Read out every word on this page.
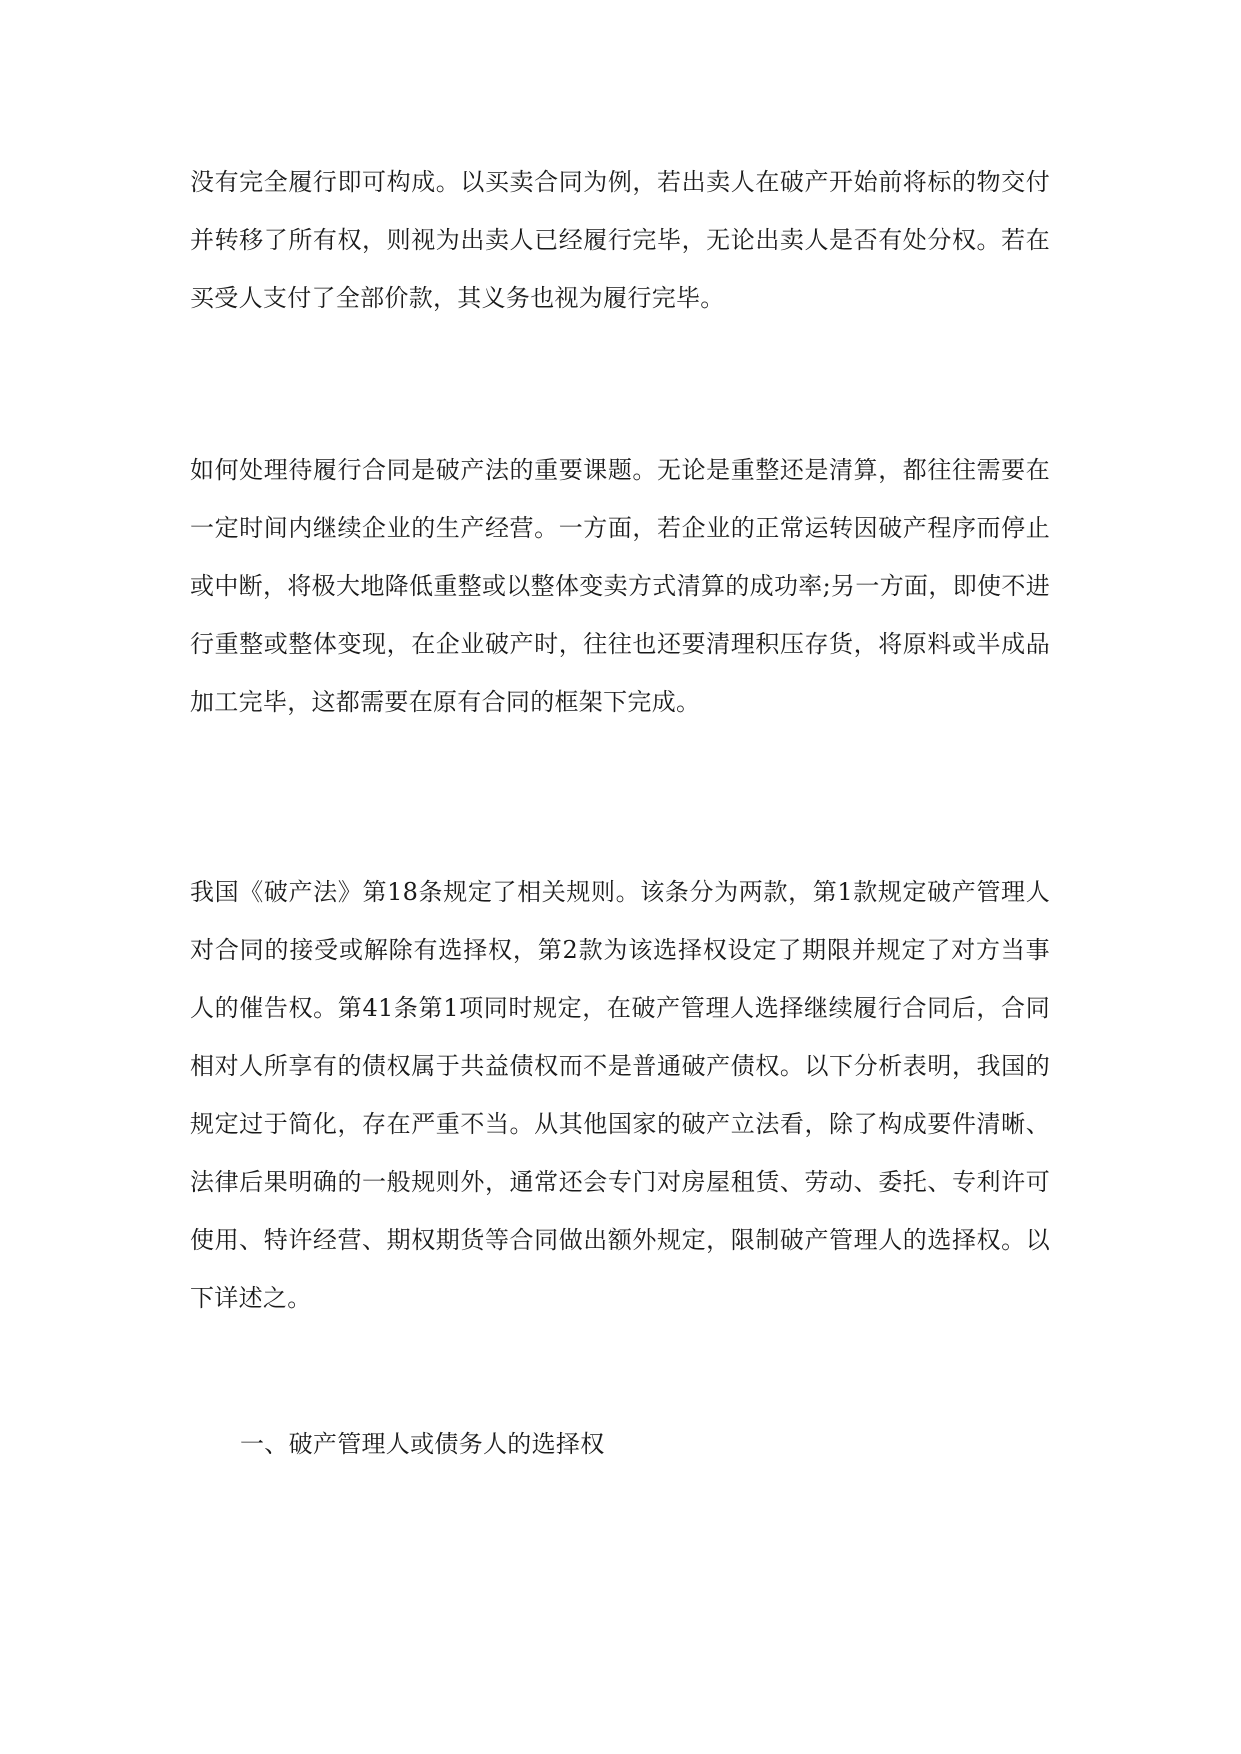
没有完全履行即可构成。以买卖合同为例，若出卖人在破产开始前将标的物交付并转移了所有权，则视为出卖人已经履行完毕，无论出卖人是否有处分权。若在买受人支付了全部价款，其义务也视为履行完毕。

如何处理待履行合同是破产法的重要课题。无论是重整还是清算，都往往需要在一定时间内继续企业的生产经营。一方面，若企业的正常运转因破产程序而停止或中断，将极大地降低重整或以整体变卖方式清算的成功率;另一方面，即使不进行重整或整体变现，在企业破产时，往往也还要清理积压存货，将原料或半成品加工完毕，这都需要在原有合同的框架下完成。

我国《破产法》第18条规定了相关规则。该条分为两款，第1款规定破产管理人对合同的接受或解除有选择权，第2款为该选择权设定了期限并规定了对方当事人的催告权。第41条第1项同时规定，在破产管理人选择继续履行合同后，合同相对人所享有的债权属于共益债权而不是普通破产债权。以下分析表明，我国的规定过于简化，存在严重不当。从其他国家的破产立法看，除了构成要件清晰、法律后果明确的一般规则外，通常还会专门对房屋租赁、劳动、委托、专利许可使用、特许经营、期权期货等合同做出额外规定，限制破产管理人的选择权。以下详述之。

一、破产管理人或债务人的选择权
